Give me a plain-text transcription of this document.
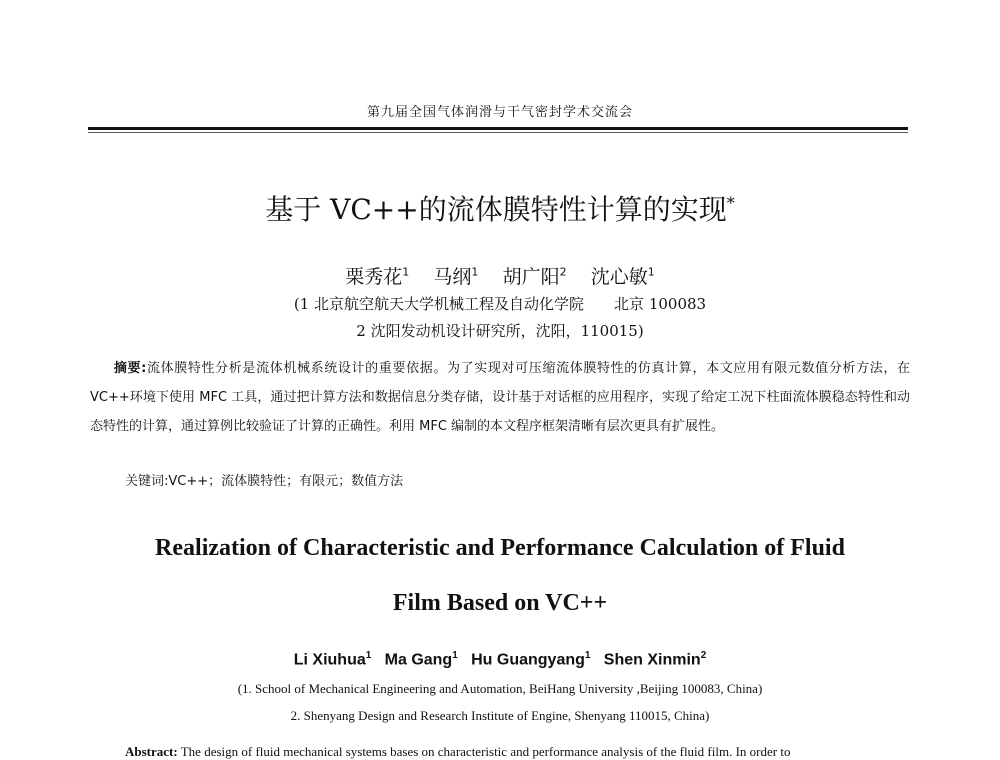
第九届全国气体润滑与干气密封学术交流会
基于 VC++的流体膜特性计算的实现*
栗秀花$^1$ 马纲$^1$ 胡广阳$^2$ 沈心敏$^1$
(1 北京航空航天大学机械工程及自动化学院　　北京 100083
2 沈阳发动机设计研究所，沈阳，110015)
摘要:流体膜特性分析是流体机械系统设计的重要依据。为了实现对可压缩流体膜特性的仿真计算，本文应用有限元数值分析方法，在 VC++环境下使用 MFC 工具，通过把计算方法和数据信息分类存储，设计基于对话框的应用程序，实现了给定工况下柱面流体膜稳态特性和动态特性的计算，通过算例比较验证了计算的正确性。利用 MFC 编制的本文程序框架清晰有层次更具有扩展性。
关键词:VC++；流体膜特性；有限元；数值方法
Realization of Characteristic and Performance Calculation of Fluid
Film Based on VC++
Li Xiuhua$^1$ Ma Gang$^1$ Hu Guangyang$^1$ Shen Xinmin$^2$
(1. School of Mechanical Engineering and Automation, BeiHang University ,Beijing 100083, China)
2. Shenyang Design and Research Institute of Engine, Shenyang 110015, China)
Abstract: The design of fluid mechanical systems bases on characteristic and performance analysis of the fluid film. In order to
